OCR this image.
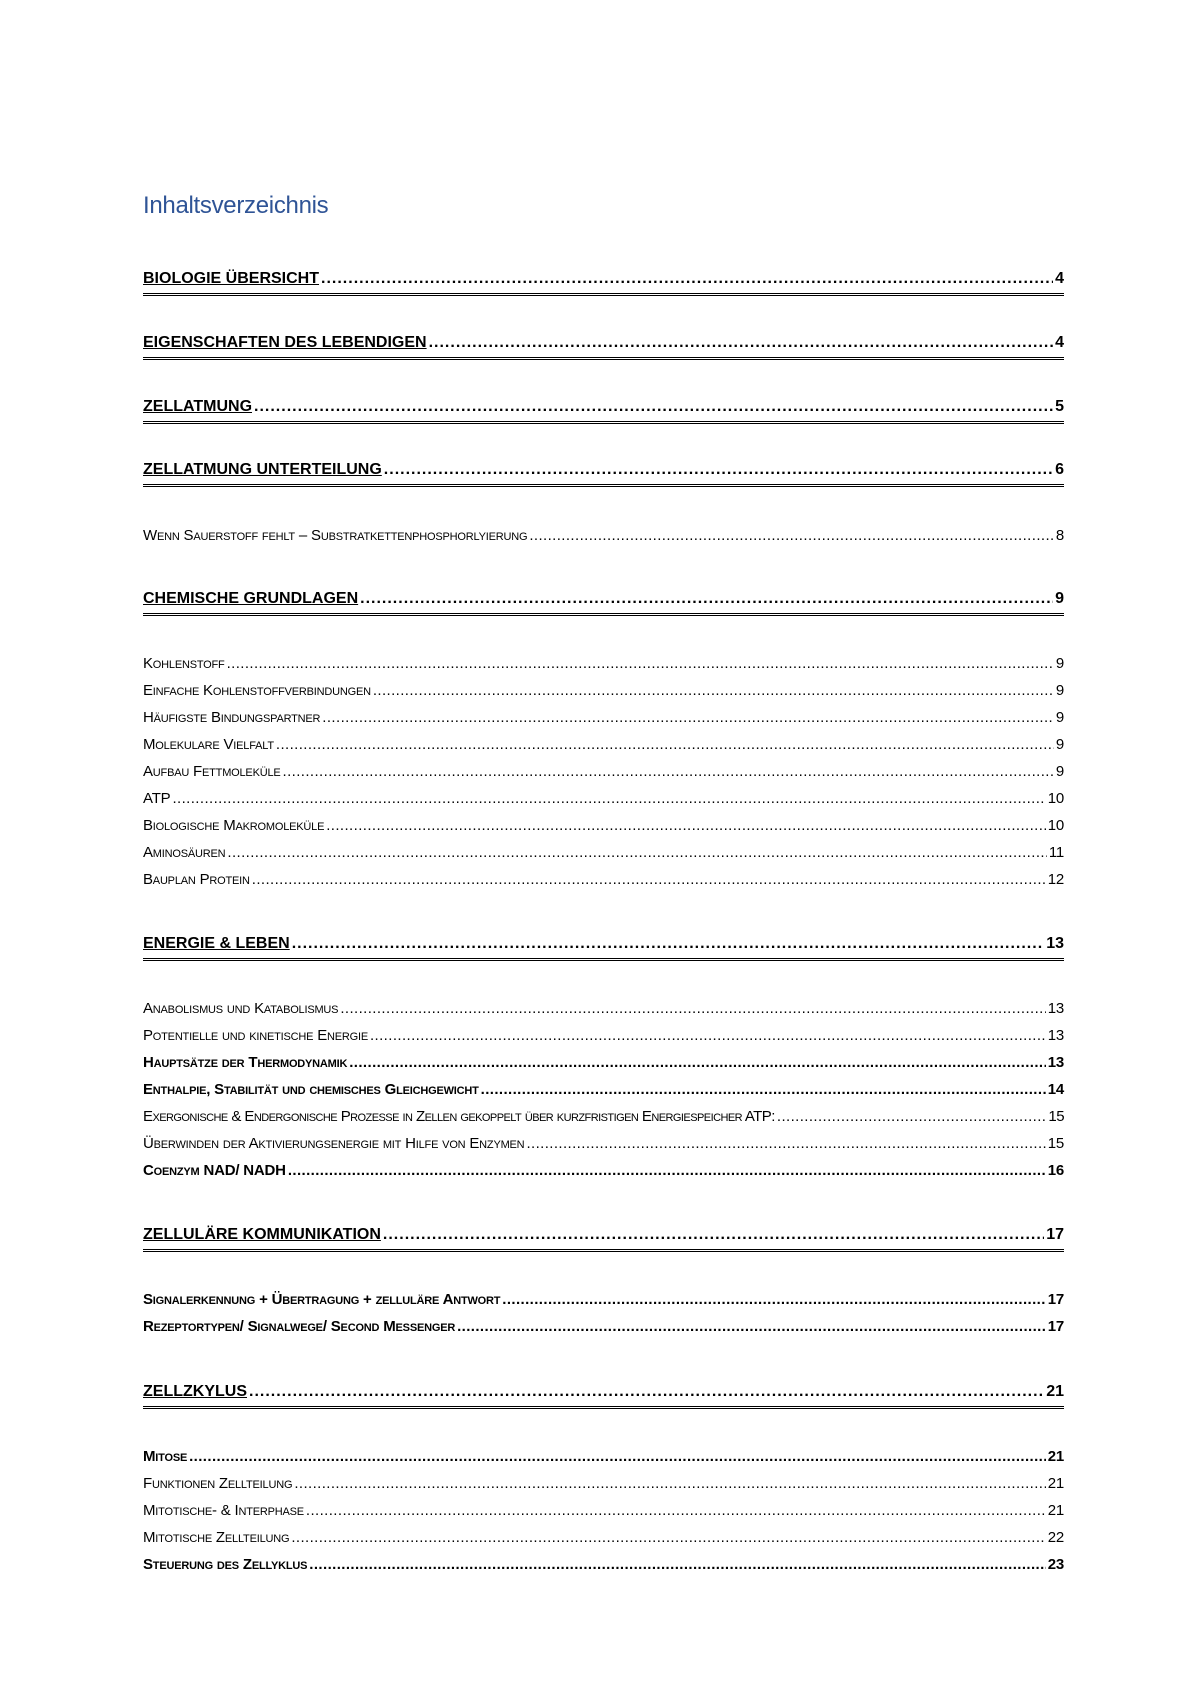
Inhaltsverzeichnis
BIOLOGIE ÜBERSICHT .....	4
EIGENSCHAFTEN DES LEBENDIGEN .....	4
ZELLATMUNG .....	5
ZELLATMUNG UNTERTEILUNG .....	6
Wenn Sauerstoff fehlt – Substratkettenphosphorlyierung .....	8
CHEMISCHE GRUNDLAGEN .....	9
Kohlenstoff .....	9
Einfache Kohlenstoffverbindungen .....	9
Häufigste Bindungspartner .....	9
Molekulare Vielfalt .....	9
Aufbau Fettmoleküle .....	9
ATP .....	10
Biologische Makromoleküle .....	10
Aminosäuren .....	11
Bauplan Protein .....	12
ENERGIE & LEBEN .....	13
Anabolismus und Katabolismus .....	13
Potentielle und kinetische Energie .....	13
Hauptsätze der Thermodynamik .....	13
Enthalpie, Stabilität und chemisches Gleichgewicht .....	14
Exergonische & Endergonische Prozesse in Zellen gekoppelt über kurzfristigen Energiespeicher ATP: .....	15
Überwinden der Aktivierungsenergie mit Hilfe von Enzymen .....	15
Coenzym NAD/ NADH .....	16
ZELLULÄRE KOMMUNIKATION .....	17
Signalerkennung + Übertragung + zelluläre Antwort .....	17
Rezeptortypen/ Signalwege/ Second Messenger .....	17
ZELLZKYLUS .....	21
Mitose .....	21
Funktionen Zellteilung .....	21
Mitotische- & Interphase .....	21
Mitotische Zellteilung .....	22
Steuerung des Zellyklus .....	23
